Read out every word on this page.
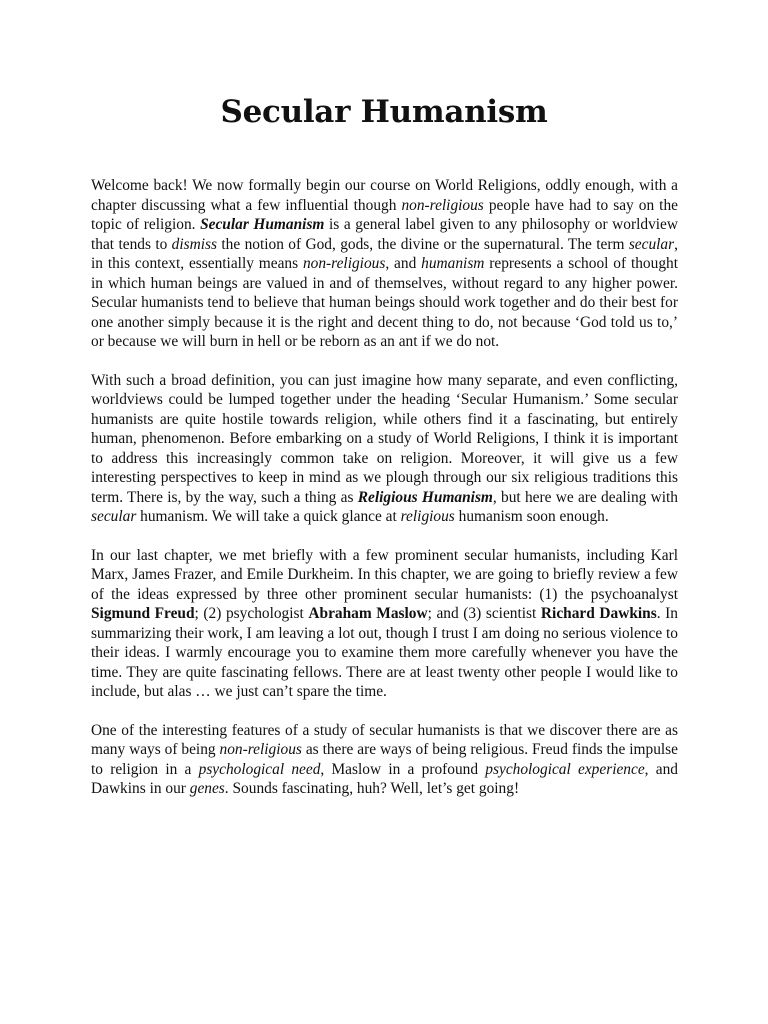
Secular Humanism

Welcome back! We now formally begin our course on World Religions, oddly enough, with a chapter discussing what a few influential though non-religious people have had to say on the topic of religion. Secular Humanism is a general label given to any philosophy or worldview that tends to dismiss the notion of God, gods, the divine or the supernatural. The term secular, in this context, essentially means non-religious, and humanism represents a school of thought in which human beings are valued in and of themselves, without regard to any higher power. Secular humanists tend to believe that human beings should work together and do their best for one another simply because it is the right and decent thing to do, not because ‘God told us to,’ or because we will burn in hell or be reborn as an ant if we do not.

With such a broad definition, you can just imagine how many separate, and even conflicting, worldviews could be lumped together under the heading ‘Secular Humanism.’ Some secular humanists are quite hostile towards religion, while others find it a fascinating, but entirely human, phenomenon. Before embarking on a study of World Religions, I think it is important to address this increasingly common take on religion. Moreover, it will give us a few interesting perspectives to keep in mind as we plough through our six religious traditions this term. There is, by the way, such a thing as Religious Humanism, but here we are dealing with secular humanism. We will take a quick glance at religious humanism soon enough.

In our last chapter, we met briefly with a few prominent secular humanists, including Karl Marx, James Frazer, and Emile Durkheim. In this chapter, we are going to briefly review a few of the ideas expressed by three other prominent secular humanists: (1) the psychoanalyst Sigmund Freud; (2) psychologist Abraham Maslow; and (3) scientist Richard Dawkins. In summarizing their work, I am leaving a lot out, though I trust I am doing no serious violence to their ideas. I warmly encourage you to examine them more carefully whenever you have the time. They are quite fascinating fellows. There are at least twenty other people I would like to include, but alas … we just can’t spare the time.

One of the interesting features of a study of secular humanists is that we discover there are as many ways of being non-religious as there are ways of being religious. Freud finds the impulse to religion in a psychological need, Maslow in a profound psychological experience, and Dawkins in our genes. Sounds fascinating, huh? Well, let’s get going!
